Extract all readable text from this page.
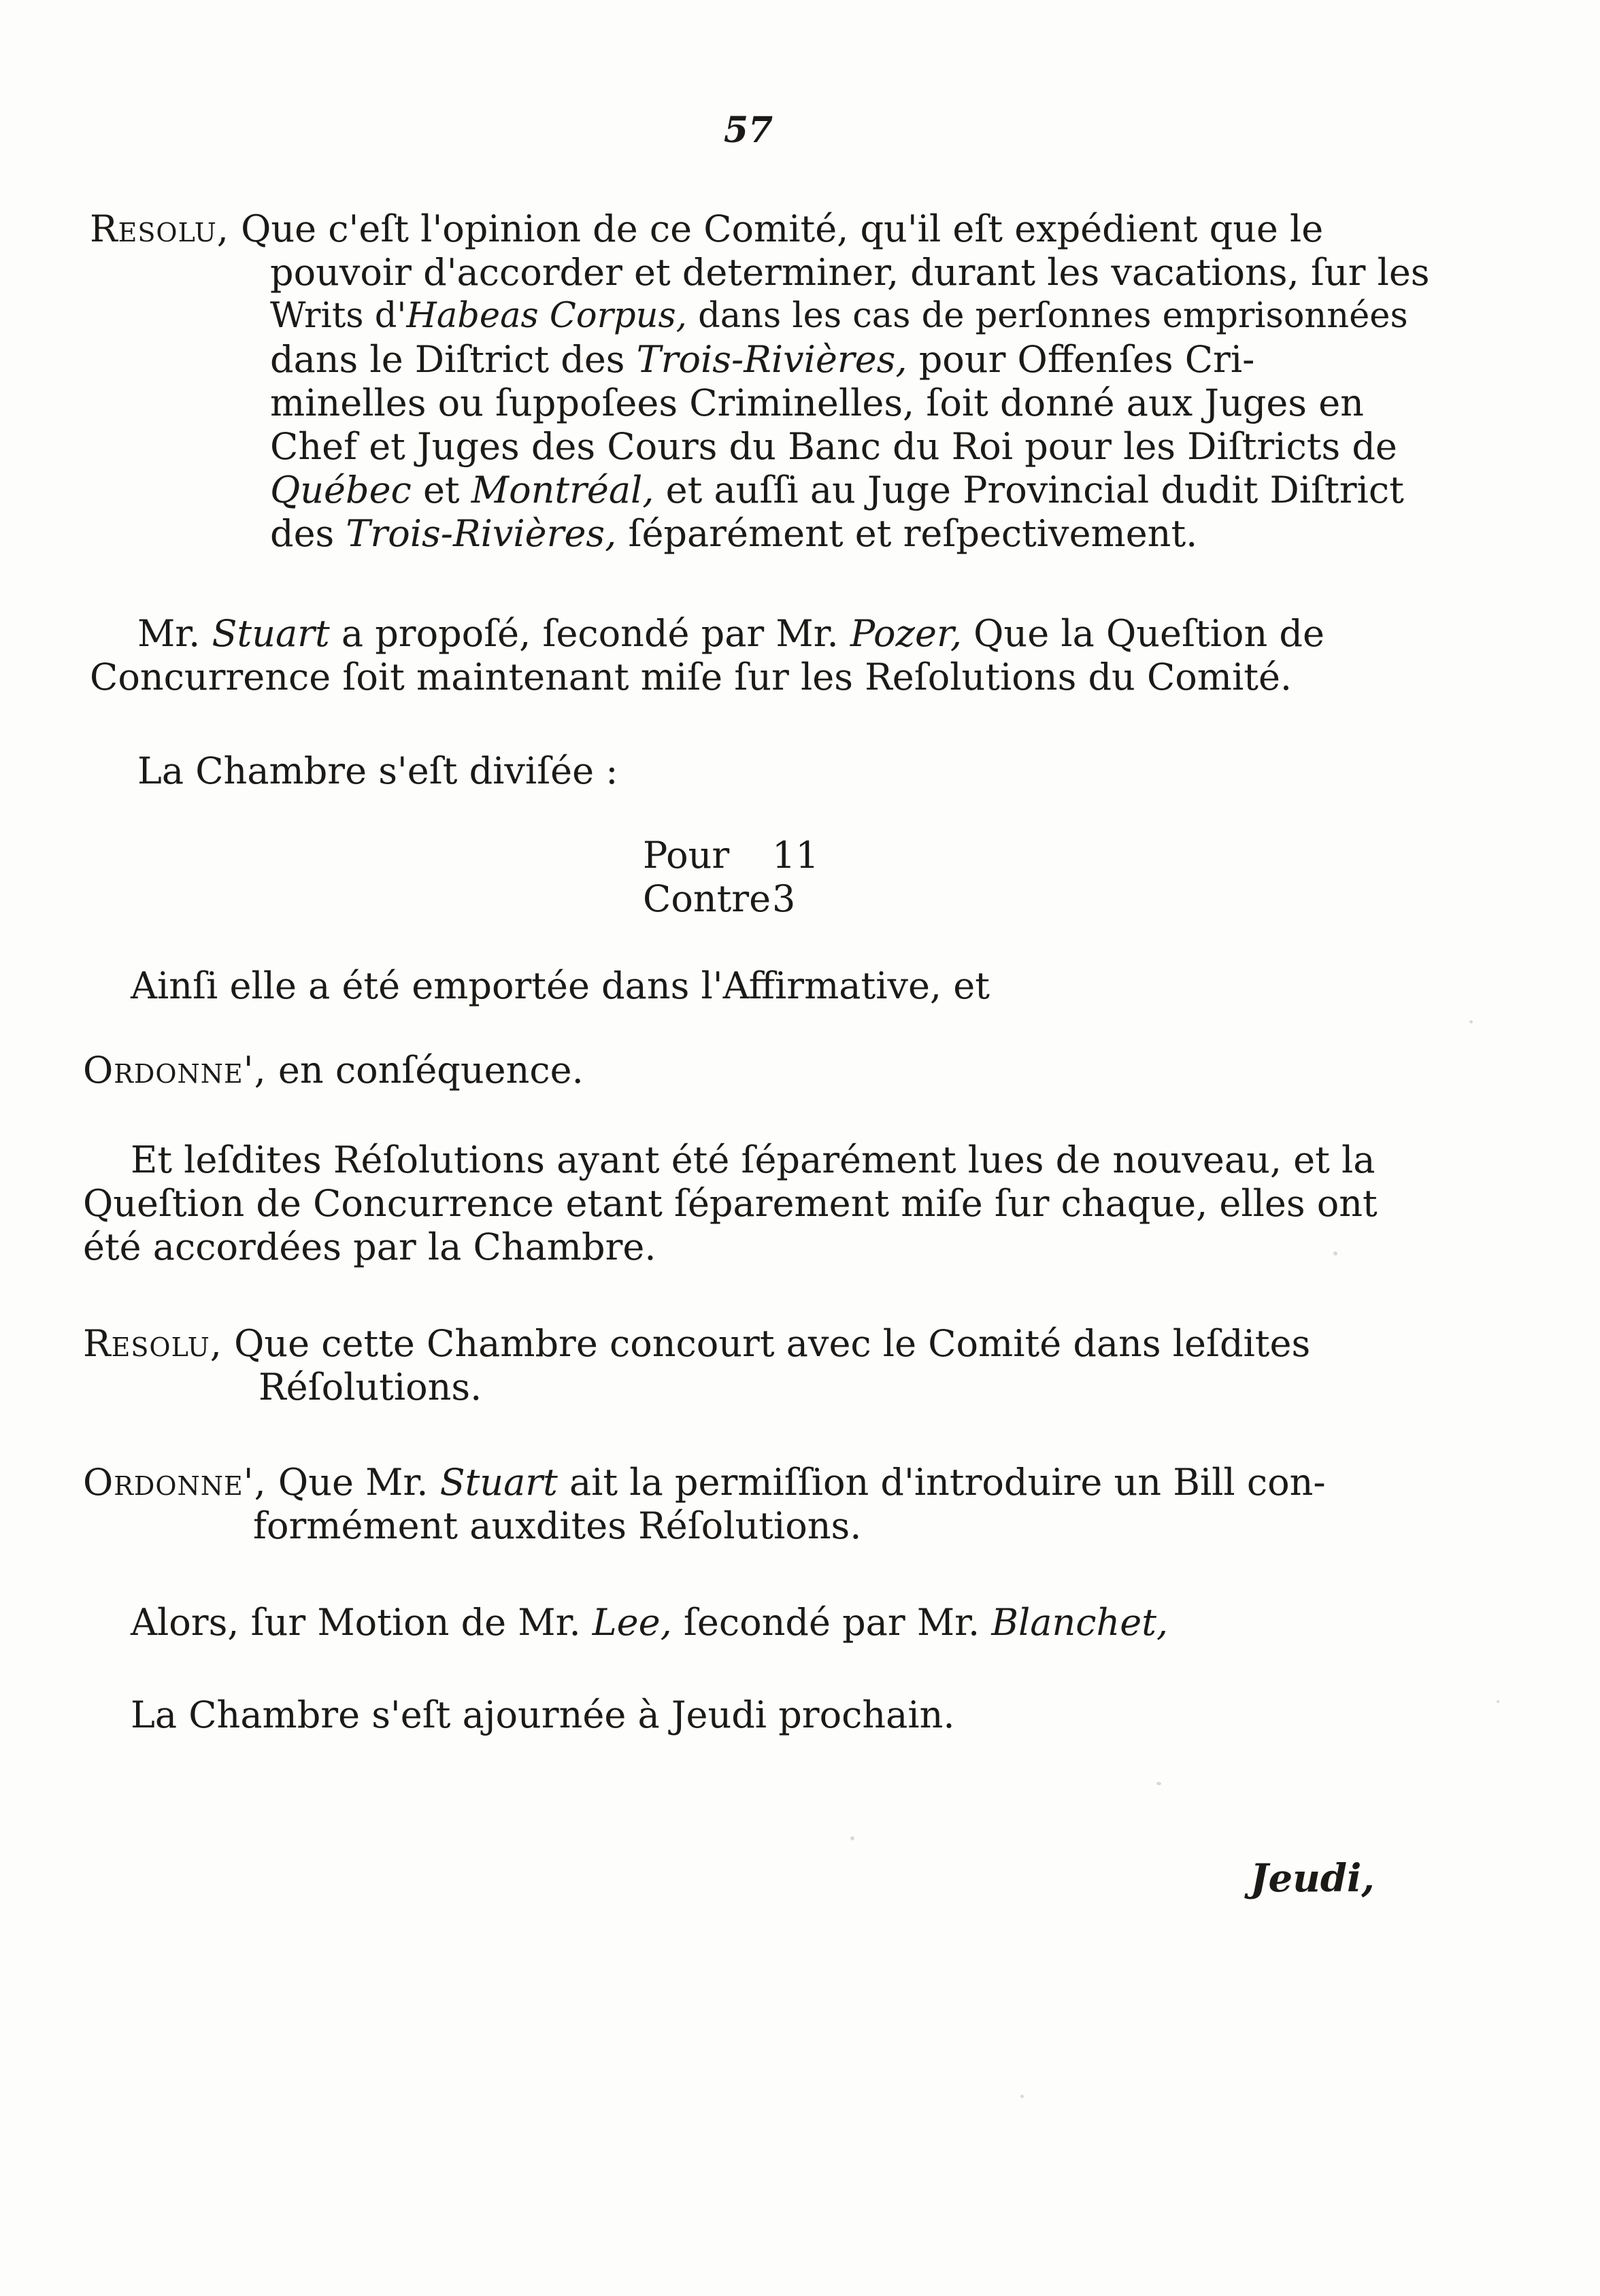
57
Resolu, Que c'eſt l'opinion de ce Comité, qu'il eſt expédient que le
pouvoir d'accorder et determiner, durant les vacations, ſur les
Writs d'Habeas Corpus, dans les cas de perſonnes emprisonnées
dans le Diſtrict des Trois-Rivières, pour Offenſes Cri-
minelles ou ſuppoſees Criminelles, ſoit donné aux Juges en
Chef et Juges des Cours du Banc du Roi pour les Diſtricts de
Québec et Montréal, et auſſi au Juge Provincial dudit Diſtrict
des Trois-Rivières, ſéparément et reſpectivement.
Mr. Stuart a propoſé, ſecondé par Mr. Pozer, Que la Queſtion de
Concurrence ſoit maintenant miſe ſur les Reſolutions du Comité.
La Chambre s'eſt diviſée :
Pour 11
Contre3
Ainſi elle a été emportée dans l'Affirmative, et
Ordonne', en conſéquence.
Et leſdites Réſolutions ayant été ſéparément lues de nouveau, et la
Queſtion de Concurrence etant ſéparement miſe ſur chaque, elles ont
été accordées par la Chambre.
Resolu, Que cette Chambre concourt avec le Comité dans leſdites
Réſolutions.
Ordonne', Que Mr. Stuart ait la permiſſion d'introduire un Bill con-
formément auxdites Réſolutions.
Alors, ſur Motion de Mr. Lee, ſecondé par Mr. Blanchet,
La Chambre s'eſt ajournée à Jeudi prochain.
Jeudi,
